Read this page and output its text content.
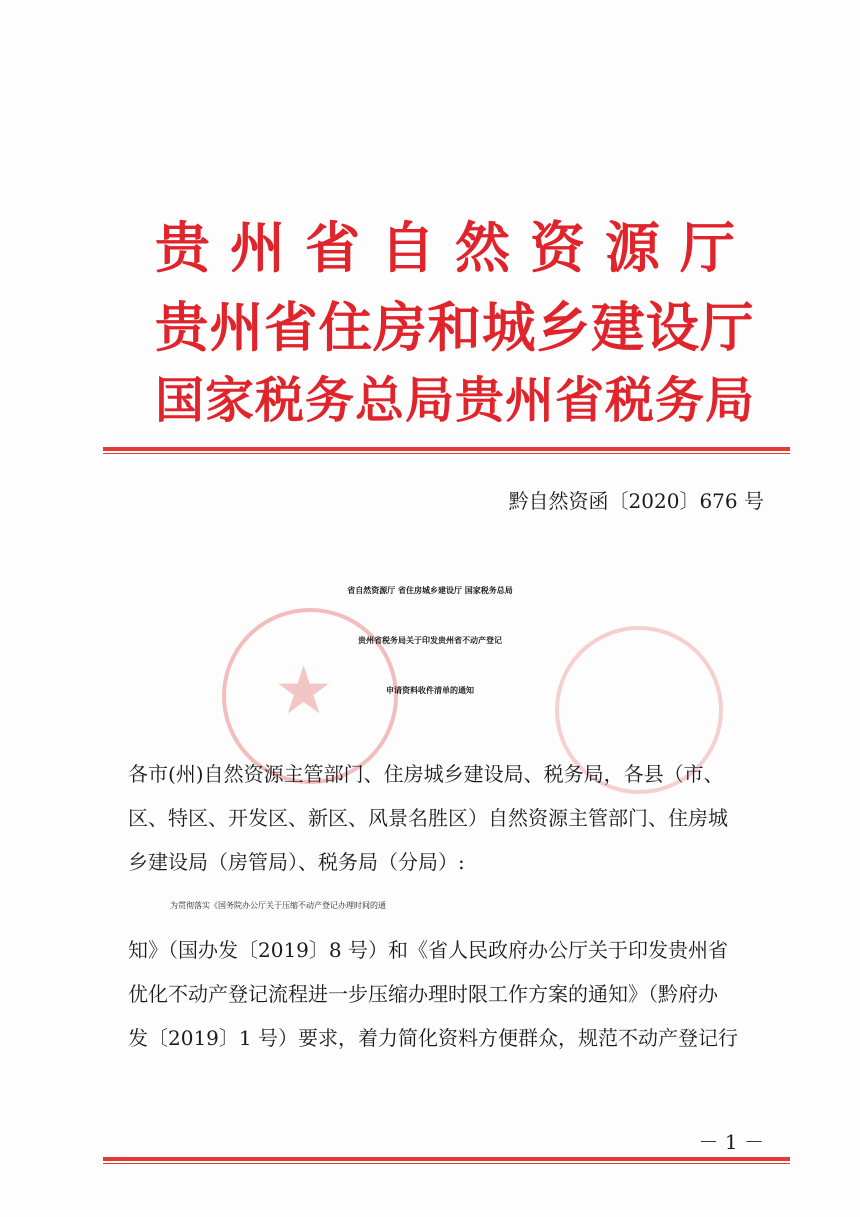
贵州省自然资源厅
贵州省住房和城乡建设厅
国家税务总局贵州省税务局
黔自然资函〔2020〕676 号
★
省自然资源厅 省住房城乡建设厅 国家税务总局
贵州省税务局关于印发贵州省不动产登记
申请资料收件清单的通知
各市(州)自然资源主管部门、住房城乡建设局、税务局，各县（市、
区、特区、开发区、新区、风景名胜区）自然资源主管部门、住房城
乡建设局（房管局）、税务局（分局）:
为贯彻落实《国务院办公厅关于压缩不动产登记办理时间的通
知》（国办发〔2019〕8 号）和《省人民政府办公厅关于印发贵州省
优化不动产登记流程进一步压缩办理时限工作方案的通知》（黔府办
发〔2019〕1 号）要求，着力简化资料方便群众，规范不动产登记行
－ 1 －
